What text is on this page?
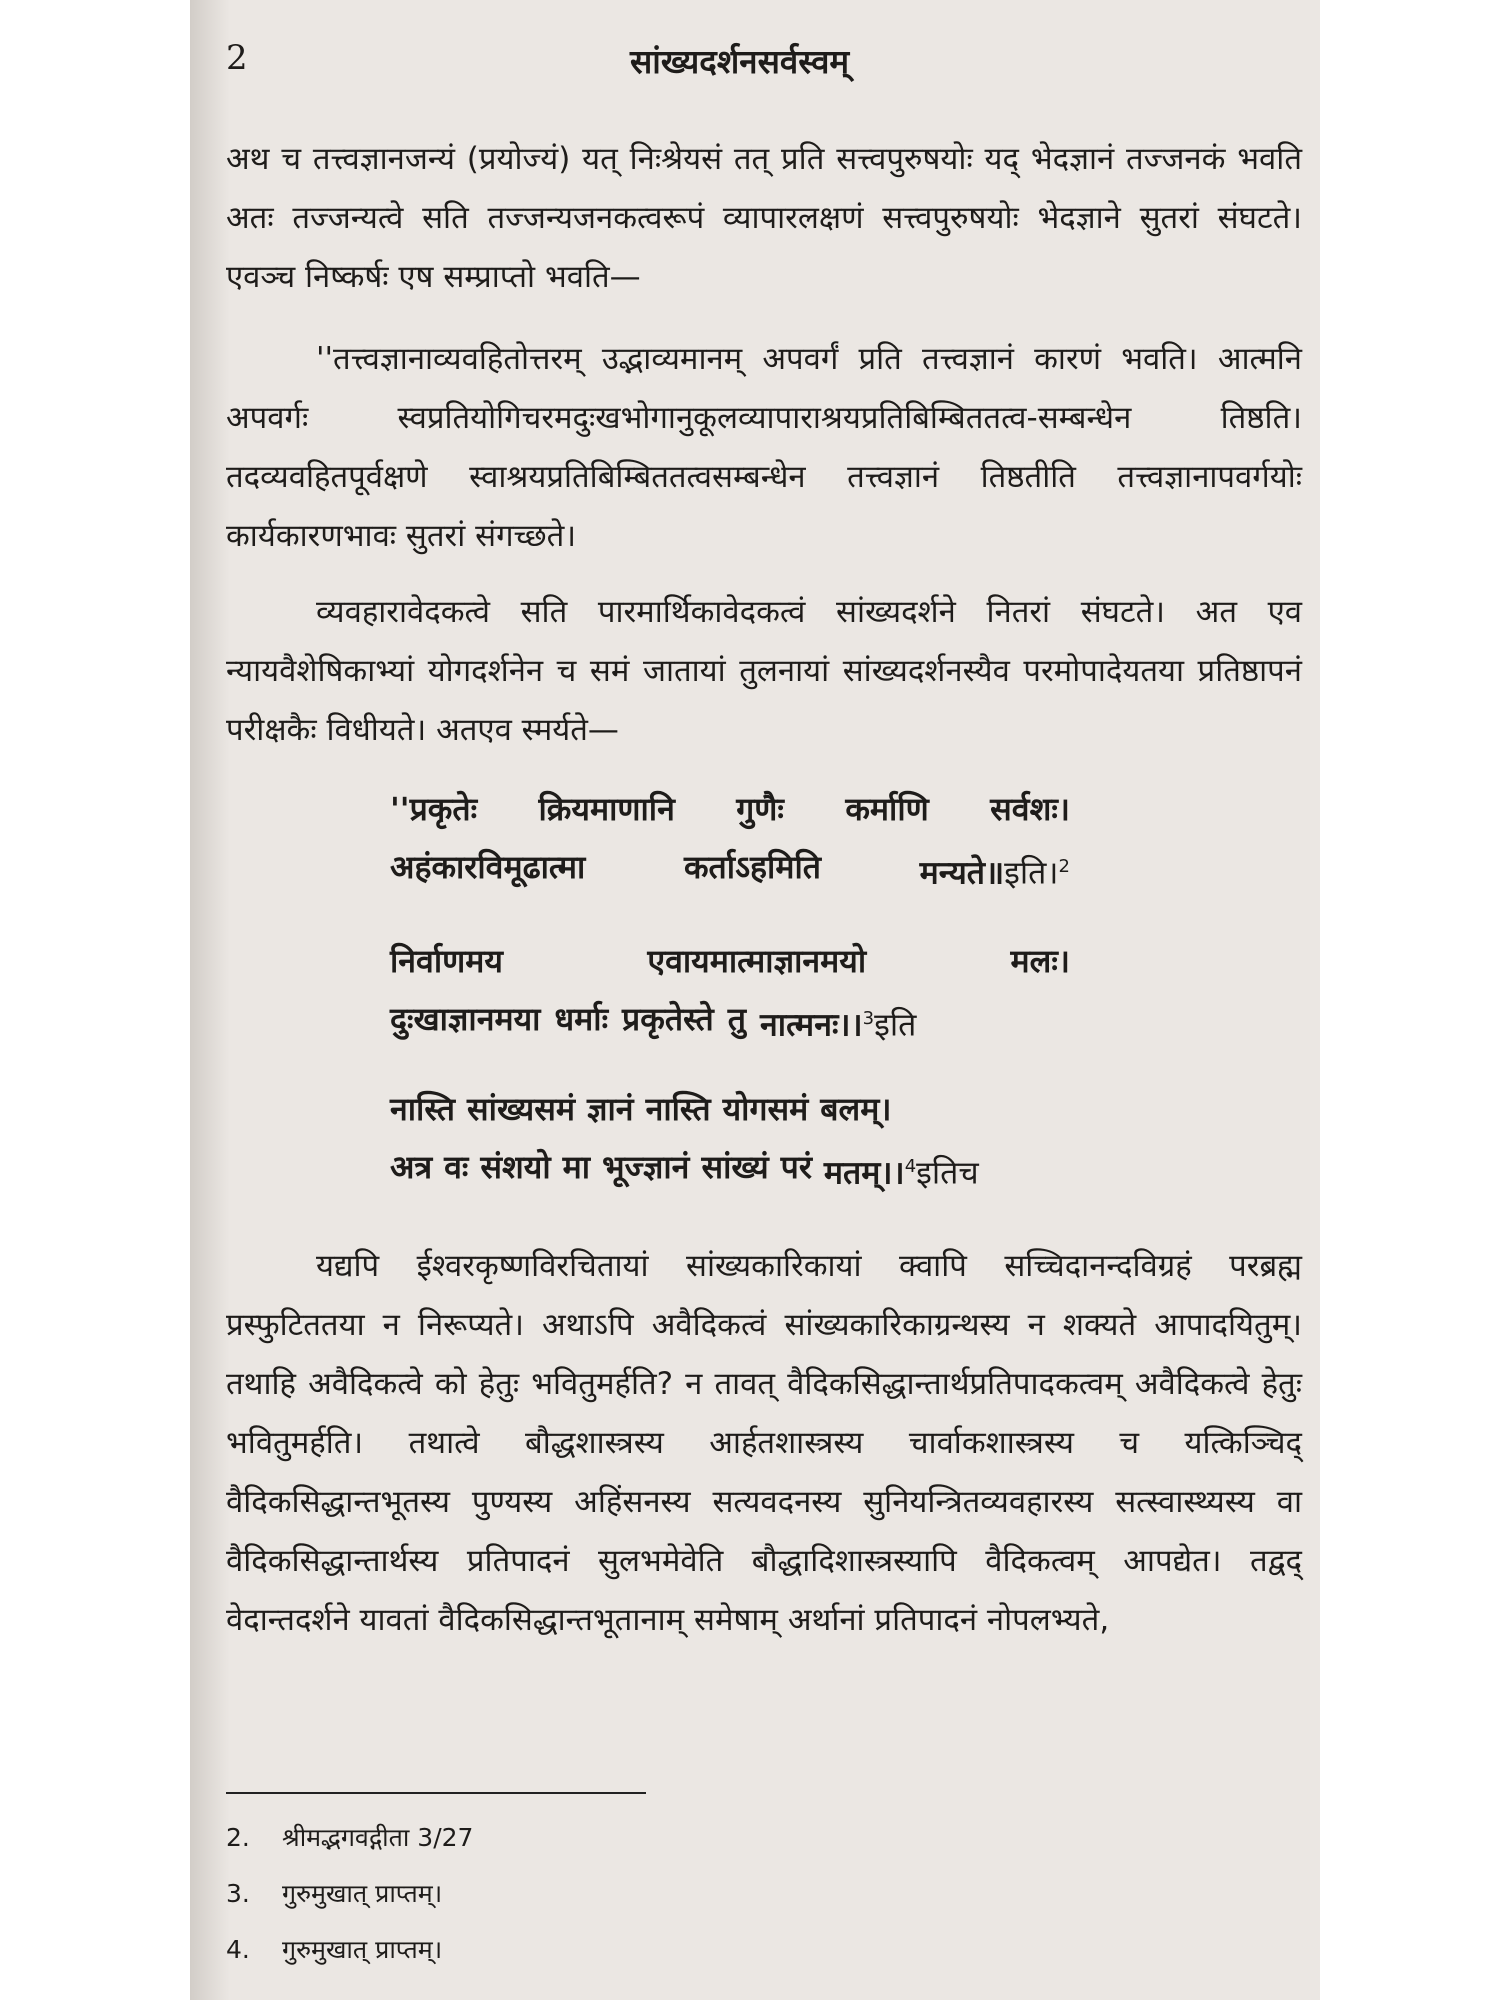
2	सांख्यदर्शनसर्वस्वम्

अथ च तत्त्वज्ञानजन्यं (प्रयोज्यं) यत् निःश्रेयसं तत् प्रति सत्त्वपुरुषयोः यद् भेदज्ञानं तज्जनकं भवति अतः तज्जन्यत्वे सति तज्जन्यजनकत्वरूपं व्यापारलक्षणं सत्त्वपुरुषयोः भेदज्ञाने सुतरां संघटते। एवञ्च निष्कर्षः एष सम्प्राप्तो भवति—

''तत्त्वज्ञानाव्यवहितोत्तरम् उद्भाव्यमानम् अपवर्गं प्रति तत्त्वज्ञानं कारणं भवति। आत्मनि अपवर्गः स्वप्रतियोगिचरमदुःखभोगानुकूलव्यापाराश्रयप्रतिबिम्बिततत्व-सम्बन्धेन तिष्ठति। तदव्यवहितपूर्वक्षणे स्वाश्रयप्रतिबिम्बिततत्वसम्बन्धेन तत्त्वज्ञानं तिष्ठतीति तत्त्वज्ञानापवर्गयोः कार्यकारणभावः सुतरां संगच्छते।

व्यवहारावेदकत्वे सति पारमार्थिकावेदकत्वं सांख्यदर्शने नितरां संघटते। अत एव न्यायवैशेषिकाभ्यां योगदर्शनेन च समं जातायां तुलनायां सांख्यदर्शनस्यैव परमोपादेयतया प्रतिष्ठापनं परीक्षकैः विधीयते। अतएव स्मर्यते—

''प्रकृतेः क्रियमाणानि गुणैः कर्माणि सर्वशः।
अहंकारविमूढात्मा	कर्ताऽहमिति	मन्यते॥इति।$^2$
निर्वाणमय	एवायमात्माज्ञानमयो	मलः।
दुःखाज्ञानमया धर्माः प्रकृतेस्ते तु नात्मनः।।$^3$इति
नास्ति सांख्यसमं ज्ञानं नास्ति योगसमं बलम्।
अत्र वः संशयो मा भूज्ज्ञानं सांख्यं परं मतम्।।$^4$इतिच

यद्यपि ईश्वरकृष्णविरचितायां सांख्यकारिकायां क्वापि सच्चिदानन्दविग्रहं परब्रह्म प्रस्फुटिततया न निरूप्यते। अथाऽपि अवैदिकत्वं सांख्यकारिकाग्रन्थस्य न शक्यते आपादयितुम्। तथाहि अवैदिकत्वे को हेतुः भवितुमर्हति? न तावत् वैदिकसिद्धान्तार्थप्रतिपादकत्वम् अवैदिकत्वे हेतुः भवितुमर्हति। तथात्वे बौद्धशास्त्रस्य आर्हतशास्त्रस्य चार्वाकशास्त्रस्य च यत्किञ्चिद् वैदिकसिद्धान्तभूतस्य पुण्यस्य अहिंसनस्य सत्यवदनस्य सुनियन्त्रितव्यवहारस्य सत्स्वास्थ्यस्य वा वैदिकसिद्धान्तार्थस्य प्रतिपादनं सुलभमेवेति बौद्धादिशास्त्रस्यापि वैदिकत्वम् आपद्येत। तद्वद् वेदान्तदर्शने यावतां वैदिकसिद्धान्तभूतानाम् समेषाम् अर्थानां प्रतिपादनं नोपलभ्यते,

2.	श्रीमद्भगवद्गीता 3/27
3.	गुरुमुखात् प्राप्तम्।
4.	गुरुमुखात् प्राप्तम्।
